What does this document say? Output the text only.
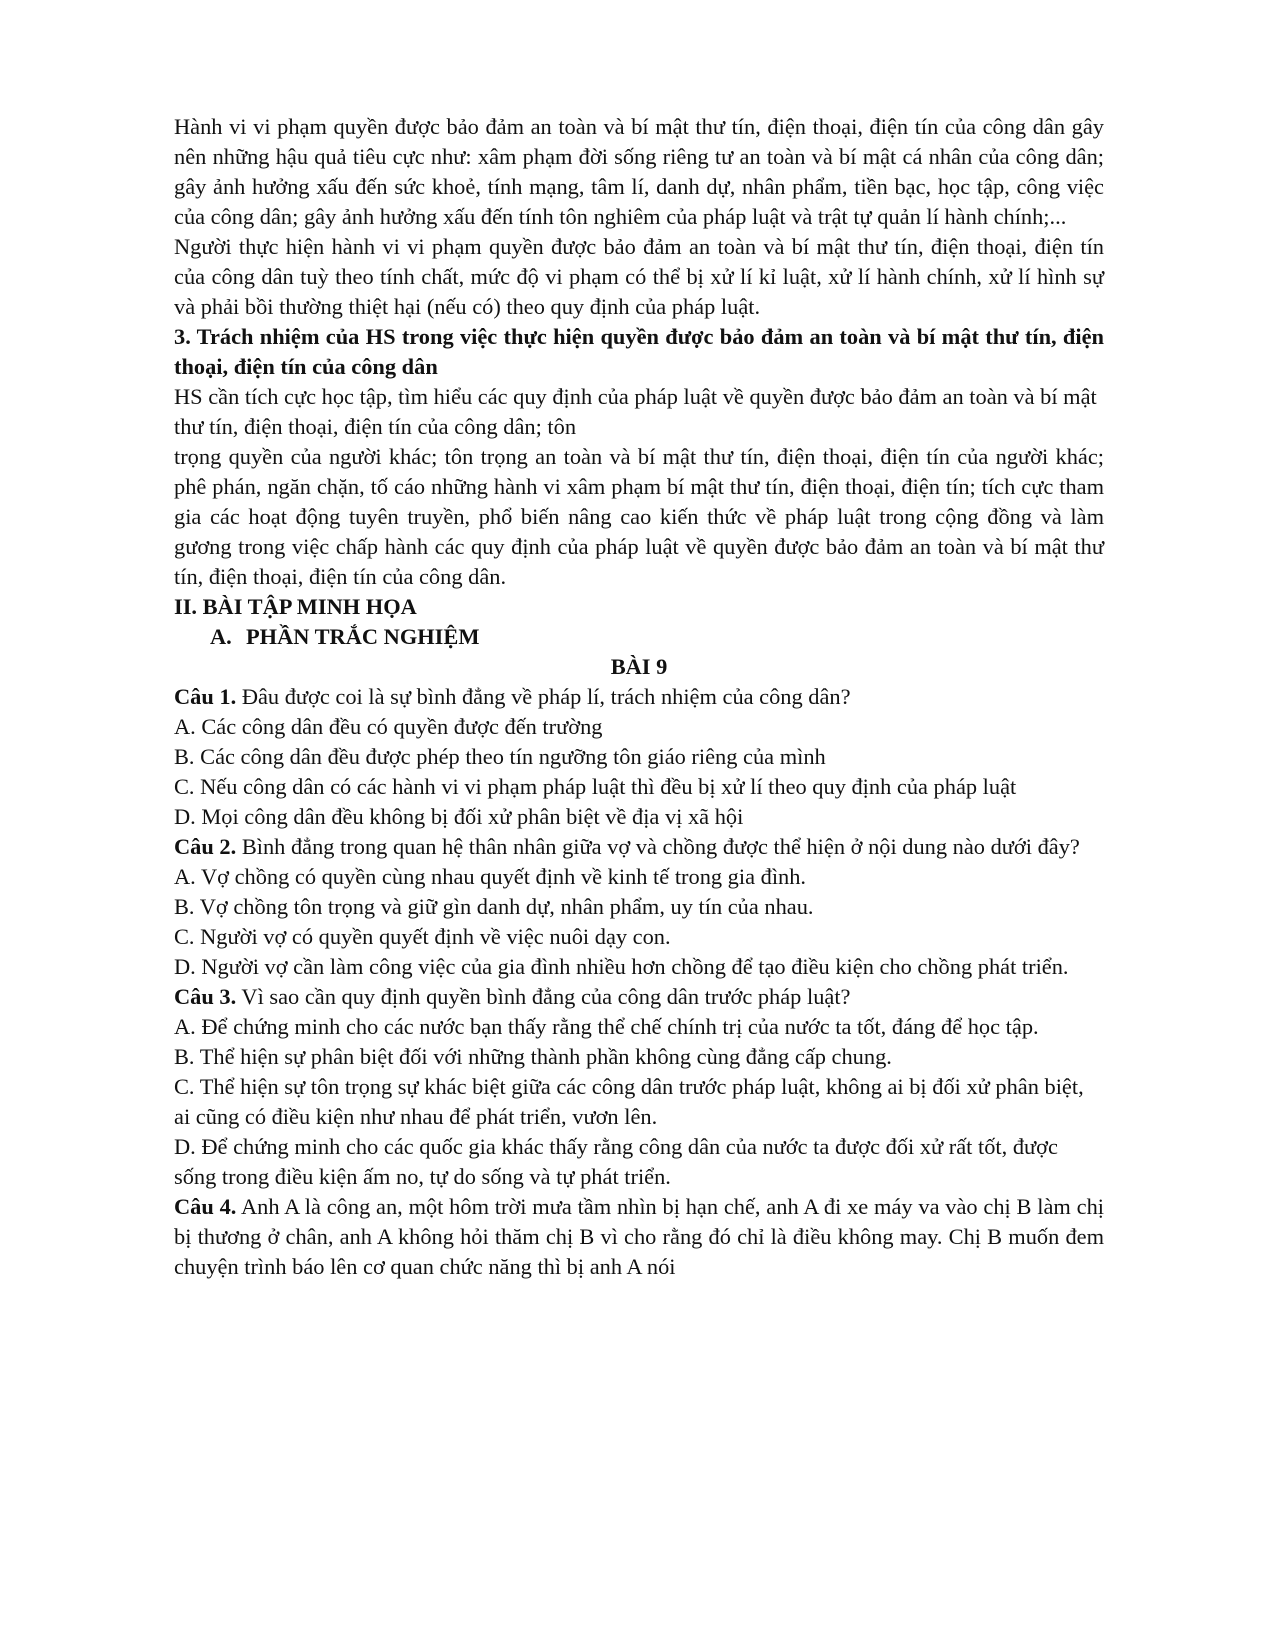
Hành vi vi phạm quyền được bảo đảm an toàn và bí mật thư tín, điện thoại, điện tín của công dân gây nên những hậu quả tiêu cực như: xâm phạm đời sống riêng tư an toàn và bí mật cá nhân của công dân; gây ảnh hưởng xấu đến sức khoẻ, tính mạng, tâm lí, danh dự, nhân phẩm, tiền bạc, học tập, công việc của công dân; gây ảnh hưởng xấu đến tính tôn nghiêm của pháp luật và trật tự quản lí hành chính;...

Người thực hiện hành vi vi phạm quyền được bảo đảm an toàn và bí mật thư tín, điện thoại, điện tín của công dân tuỳ theo tính chất, mức độ vi phạm có thể bị xử lí kỉ luật, xử lí hành chính, xử lí hình sự và phải bồi thường thiệt hại (nếu có) theo quy định của pháp luật.

3. Trách nhiệm của HS trong việc thực hiện quyền được bảo đảm an toàn và bí mật thư tín, điện thoại, điện tín của công dân

HS cần tích cực học tập, tìm hiểu các quy định của pháp luật về quyền được bảo đảm an toàn và bí mật thư tín, điện thoại, điện tín của công dân; tôn

trọng quyền của người khác; tôn trọng an toàn và bí mật thư tín, điện thoại, điện tín của người khác; phê phán, ngăn chặn, tố cáo những hành vi xâm phạm bí mật thư tín, điện thoại, điện tín; tích cực tham gia các hoạt động tuyên truyền, phổ biến nâng cao kiến thức về pháp luật trong cộng đồng và làm gương trong việc chấp hành các quy định của pháp luật về quyền được bảo đảm an toàn và bí mật thư tín, điện thoại, điện tín của công dân.

II. BÀI TẬP MINH HỌA
A. PHẦN TRẮC NGHIỆM
BÀI 9

Câu 1. Đâu được coi là sự bình đẳng về pháp lí, trách nhiệm của công dân?

A. Các công dân đều có quyền được đến trường

B. Các công dân đều được phép theo tín ngưỡng tôn giáo riêng của mình

C. Nếu công dân có các hành vi vi phạm pháp luật thì đều bị xử lí theo quy định của pháp luật

D. Mọi công dân đều không bị đối xử phân biệt về địa vị xã hội

Câu 2. Bình đẳng trong quan hệ thân nhân giữa vợ và chồng được thể hiện ở nội dung nào dưới đây?

A. Vợ chồng có quyền cùng nhau quyết định về kinh tế trong gia đình.

B. Vợ chồng tôn trọng và giữ gìn danh dự, nhân phẩm, uy tín của nhau.

C. Người vợ có quyền quyết định về việc nuôi dạy con.

D. Người vợ cần làm công việc của gia đình nhiều hơn chồng để tạo điều kiện cho chồng phát triển.

Câu 3. Vì sao cần quy định quyền bình đẳng của công dân trước pháp luật?

A. Để chứng minh cho các nước bạn thấy rằng thể chế chính trị của nước ta tốt, đáng để học tập.

B. Thể hiện sự phân biệt đối với những thành phần không cùng đẳng cấp chung.

C. Thể hiện sự tôn trọng sự khác biệt giữa các công dân trước pháp luật, không ai bị đối xử phân biệt, ai cũng có điều kiện như nhau để phát triển, vươn lên.

D. Để chứng minh cho các quốc gia khác thấy rằng công dân của nước ta được đối xử rất tốt, được sống trong điều kiện ấm no, tự do sống và tự phát triển.

Câu 4. Anh A là công an, một hôm trời mưa tầm nhìn bị hạn chế, anh A đi xe máy va vào chị B làm chị bị thương ở chân, anh A không hỏi thăm chị B vì cho rằng đó chỉ là điều không may. Chị B muốn đem chuyện trình báo lên cơ quan chức năng thì bị anh A nói
